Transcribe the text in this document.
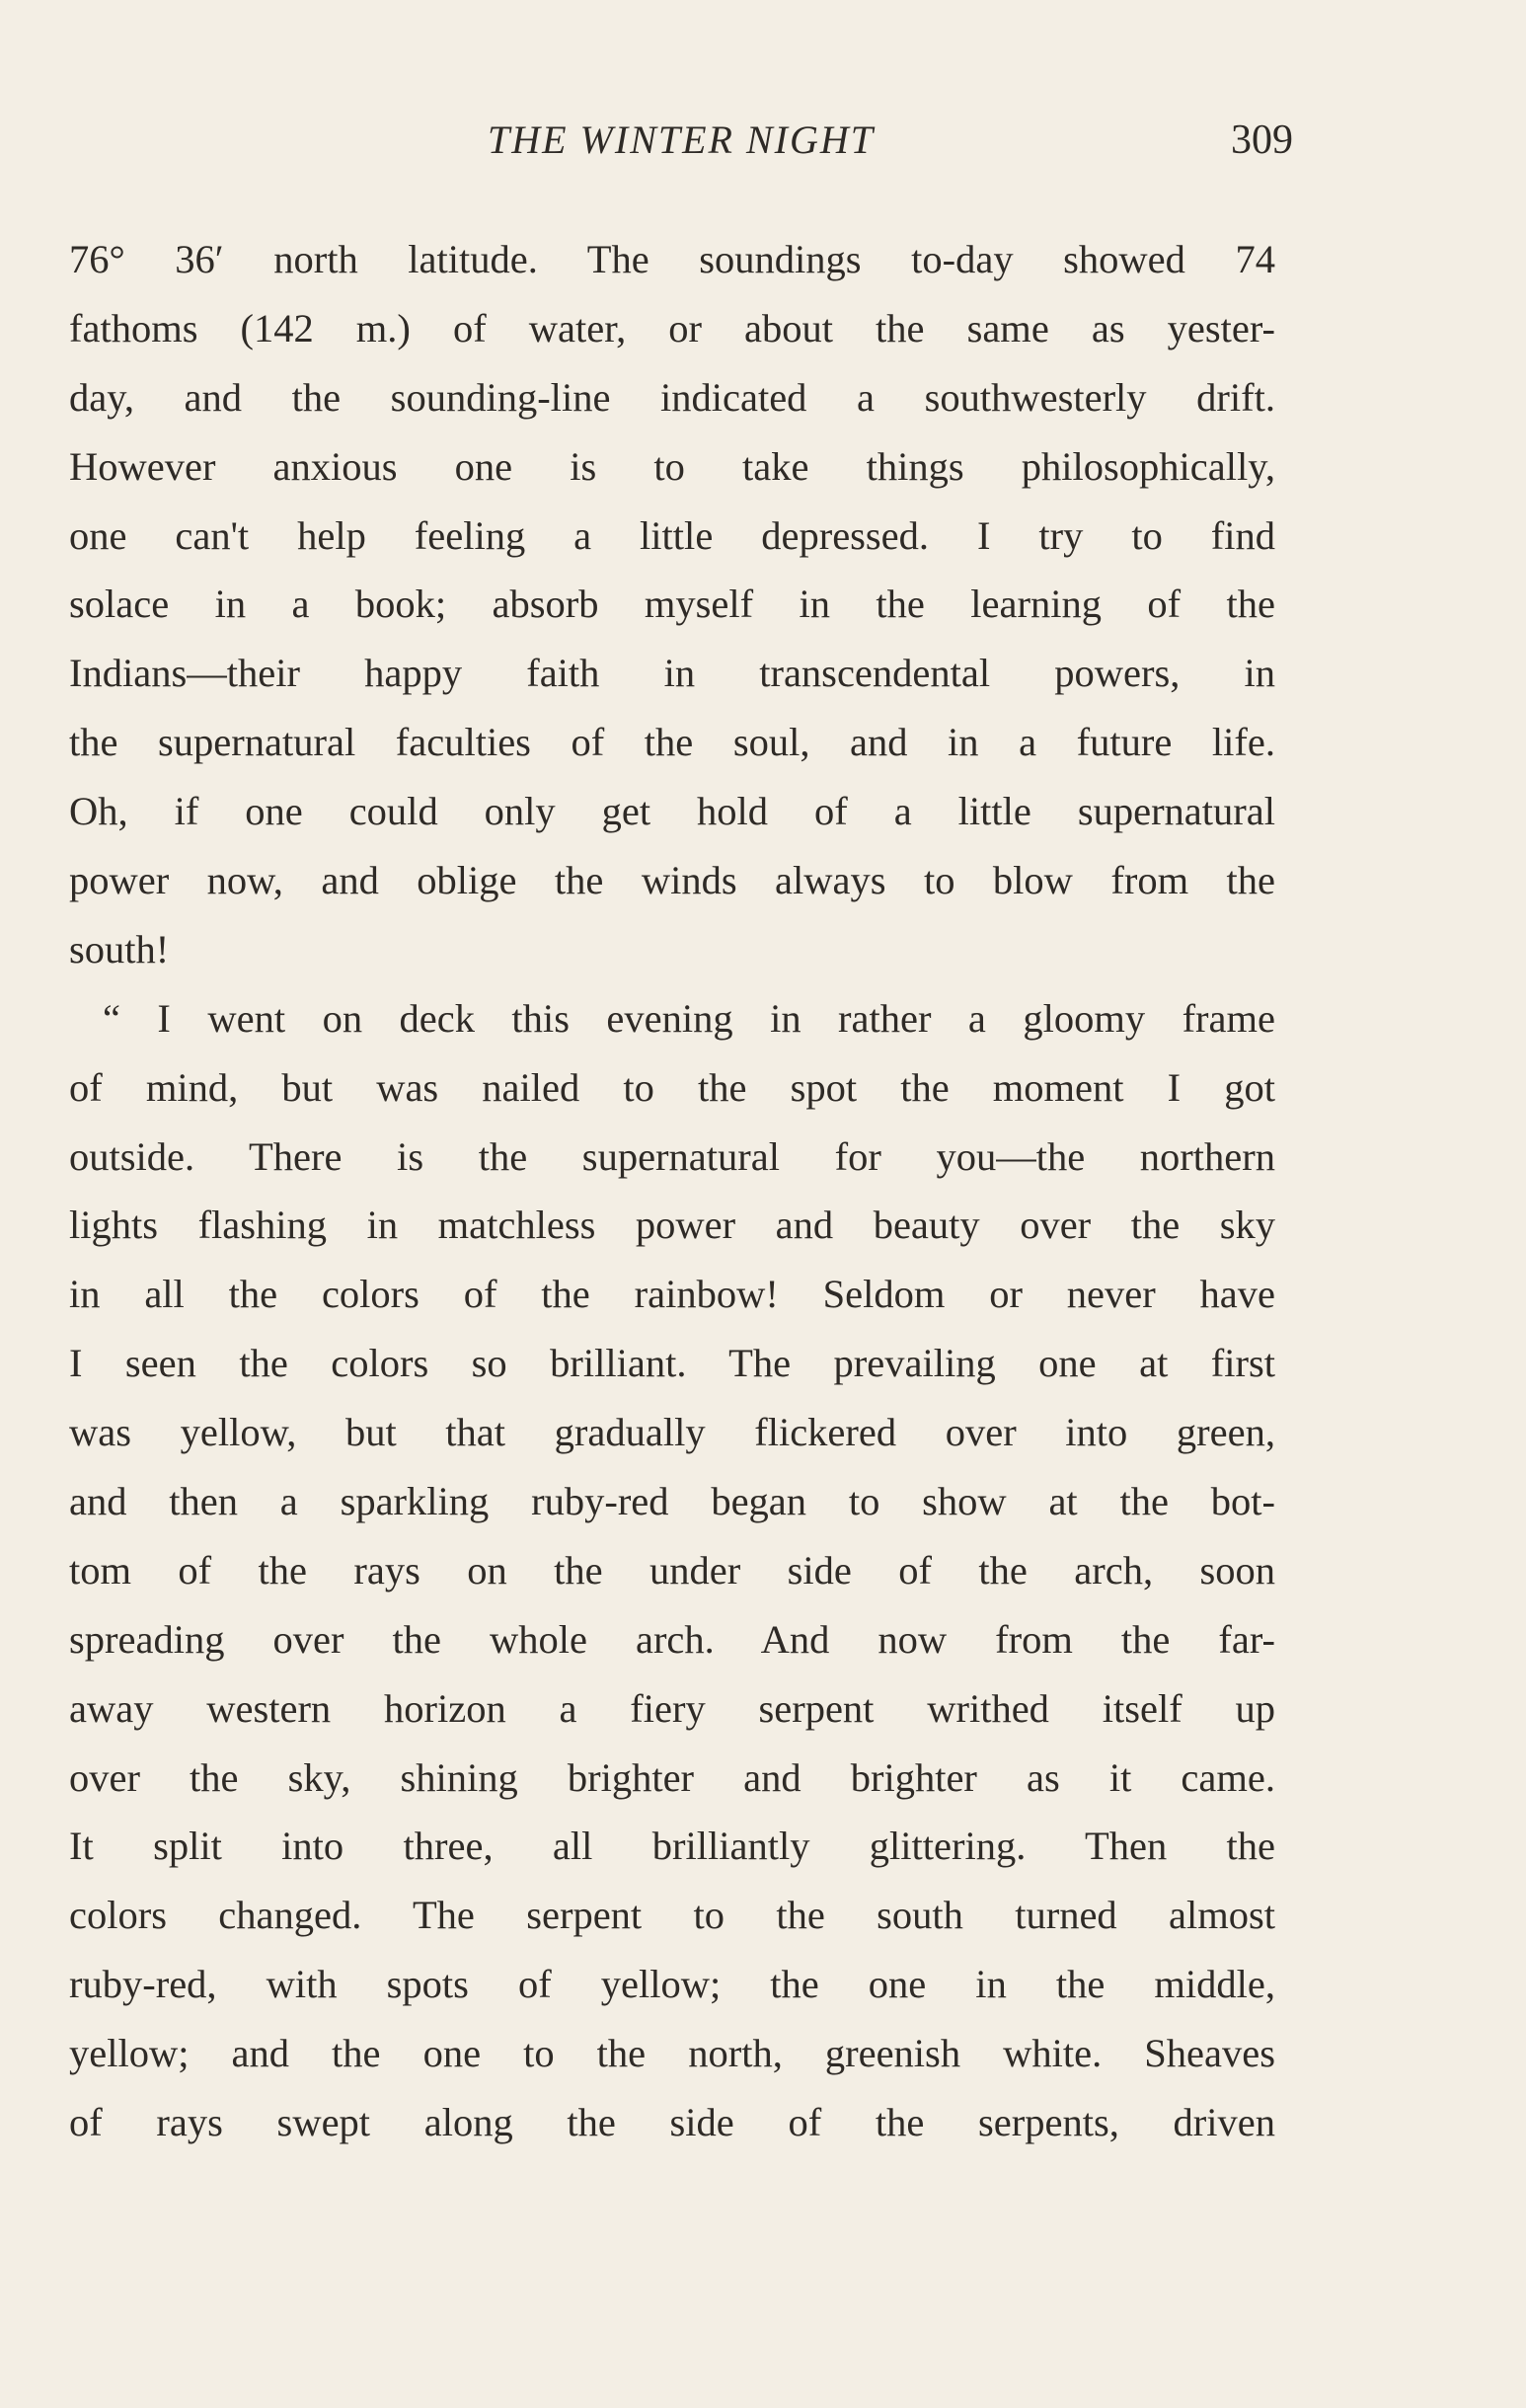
THE WINTER NIGHT	309
76° 36′ north latitude. The soundings to-day showed 74
fathoms (142 m.) of water, or about the same as yester-
day, and the sounding-line indicated a southwesterly drift.
However anxious one is to take things philosophically,
one can't help feeling a little depressed. I try to find
solace in a book; absorb myself in the learning of the
Indians—their happy faith in transcendental powers, in
the supernatural faculties of the soul, and in a future life.
Oh, if one could only get hold of a little supernatural
power now, and oblige the winds always to blow from the
south!
“ I went on deck this evening in rather a gloomy frame
of mind, but was nailed to the spot the moment I got
outside. There is the supernatural for you—the northern
lights flashing in matchless power and beauty over the sky
in all the colors of the rainbow! Seldom or never have
I seen the colors so brilliant. The prevailing one at first
was yellow, but that gradually flickered over into green,
and then a sparkling ruby-red began to show at the bot-
tom of the rays on the under side of the arch, soon
spreading over the whole arch. And now from the far-
away western horizon a fiery serpent writhed itself up
over the sky, shining brighter and brighter as it came.
It split into three, all brilliantly glittering. Then the
colors changed. The serpent to the south turned almost
ruby-red, with spots of yellow; the one in the middle,
yellow; and the one to the north, greenish white. Sheaves
of rays swept along the side of the serpents, driven
